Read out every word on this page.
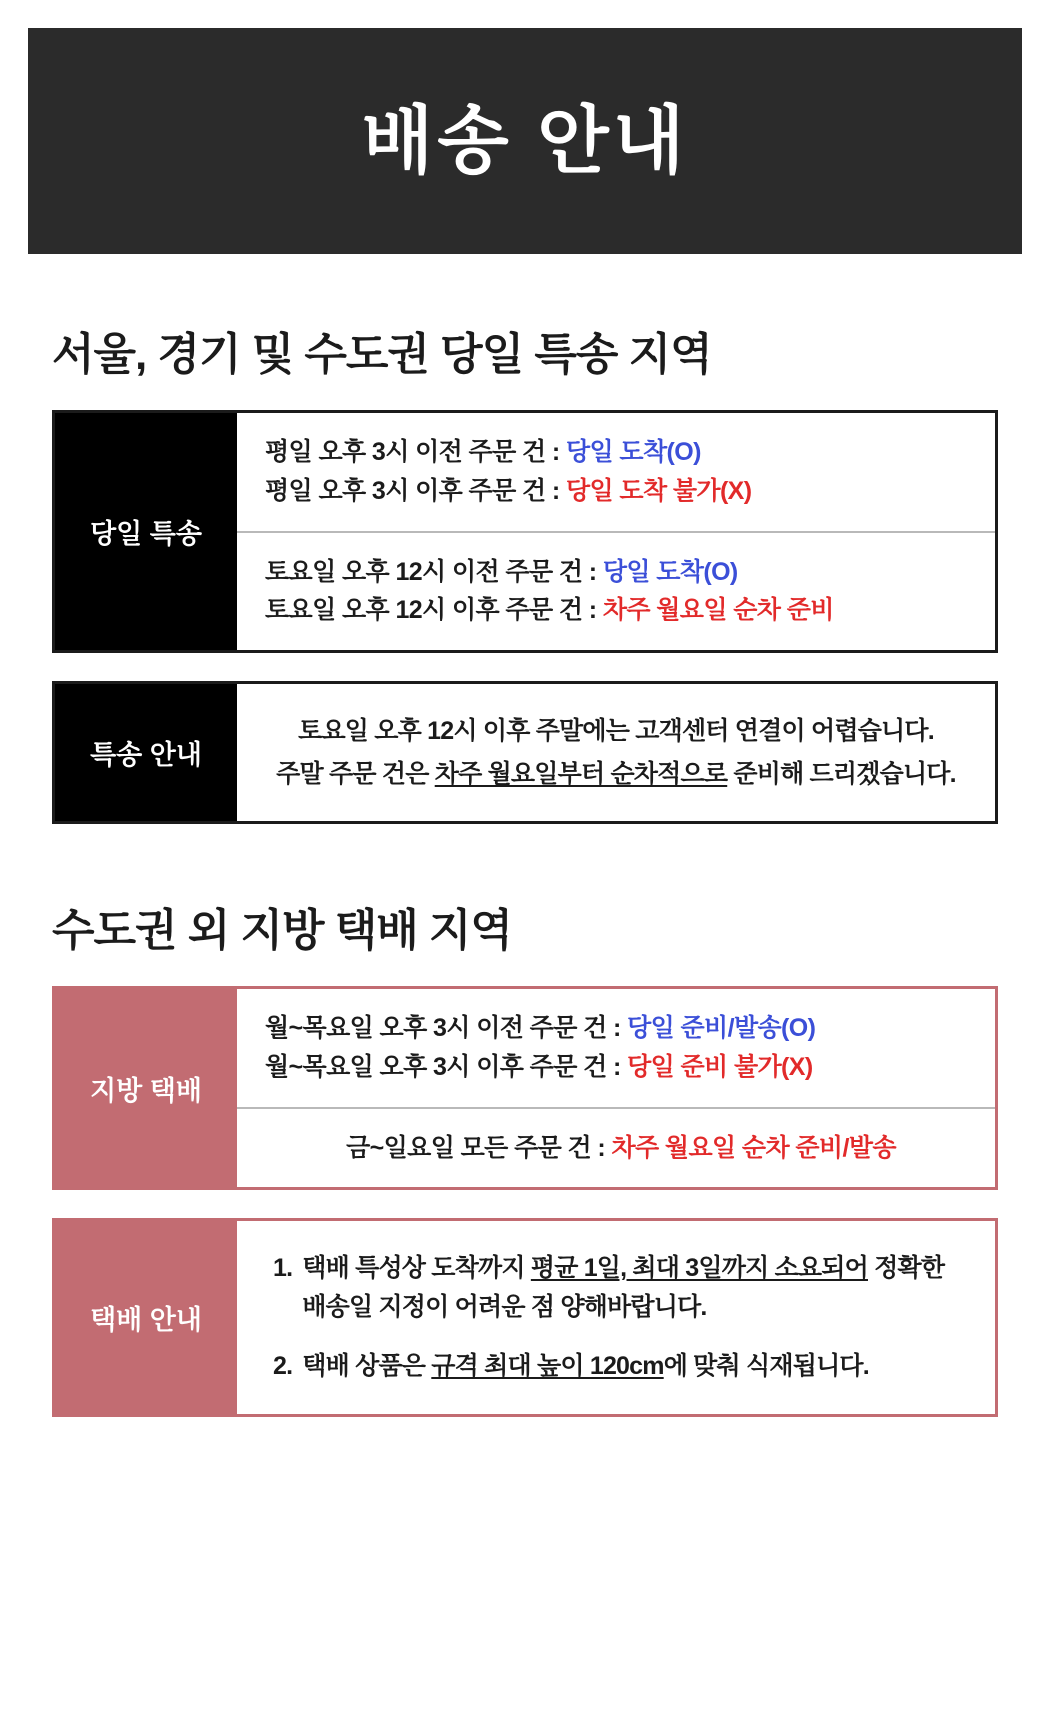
배송 안내
서울, 경기 및 수도권 당일 특송 지역
당일 특송
평일 오후 3시 이전 주문 건 : 당일 도착(O)
평일 오후 3시 이후 주문 건 : 당일 도착 불가(X)
토요일 오후 12시 이전 주문 건 : 당일 도착(O)
토요일 오후 12시 이후 주문 건 : 차주 월요일 순차 준비
특송 안내
토요일 오후 12시 이후 주말에는 고객센터 연결이 어렵습니다.
주말 주문 건은 차주 월요일부터 순차적으로 준비해 드리겠습니다.
수도권 외 지방 택배 지역
지방 택배
월~목요일 오후 3시 이전 주문 건 : 당일 준비/발송(O)
월~목요일 오후 3시 이후 주문 건 : 당일 준비 불가(X)
금~일요일 모든 주문 건 : 차주 월요일 순차 준비/발송
택배 안내
1. 택배 특성상 도착까지 평균 1일, 최대 3일까지 소요되어 정확한 배송일 지정이 어려운 점 양해바랍니다.
2. 택배 상품은 규격 최대 높이 120cm에 맞춰 식재됩니다.
